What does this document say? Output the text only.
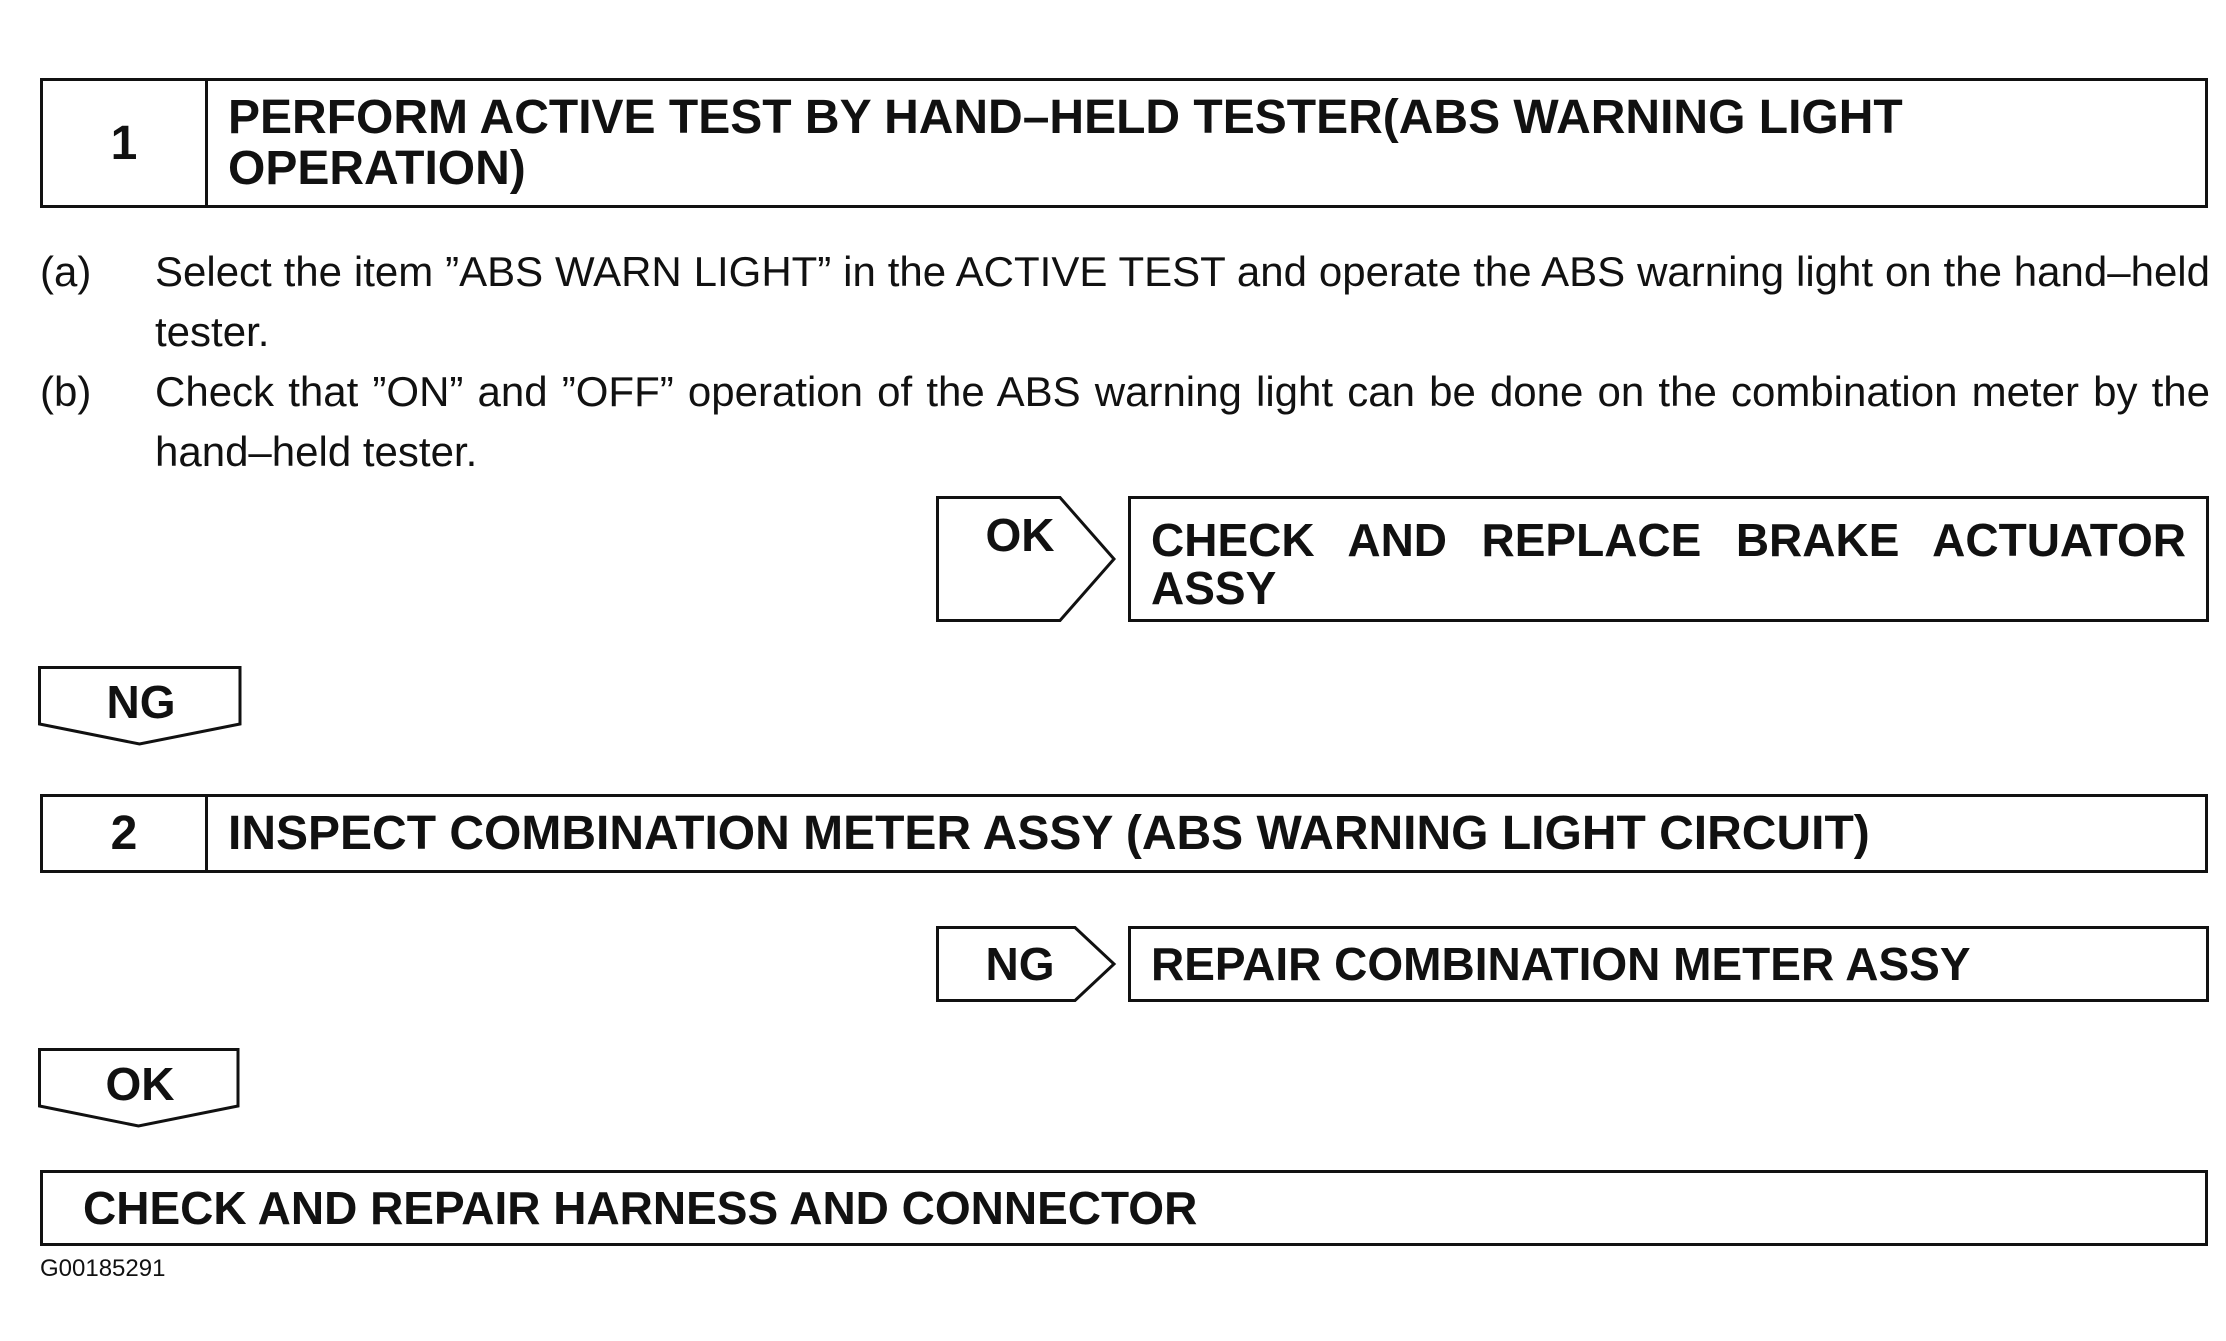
1	PERFORM ACTIVE TEST BY HAND–HELD TESTER(ABS WARNING LIGHT OPERATION)
(a) Select the item ”ABS WARN LIGHT” in the ACTIVE TEST and operate the ABS warning light on the hand–held tester.
(b) Check that ”ON” and ”OFF” operation of the ABS warning light can be done on the combination meter by the hand–held tester.
OK	CHECK AND REPLACE BRAKE ACTUATOR ASSY
NG
2	INSPECT COMBINATION METER ASSY (ABS WARNING LIGHT CIRCUIT)
NG	REPAIR COMBINATION METER ASSY
OK
CHECK AND REPAIR HARNESS AND CONNECTOR
G00185291
